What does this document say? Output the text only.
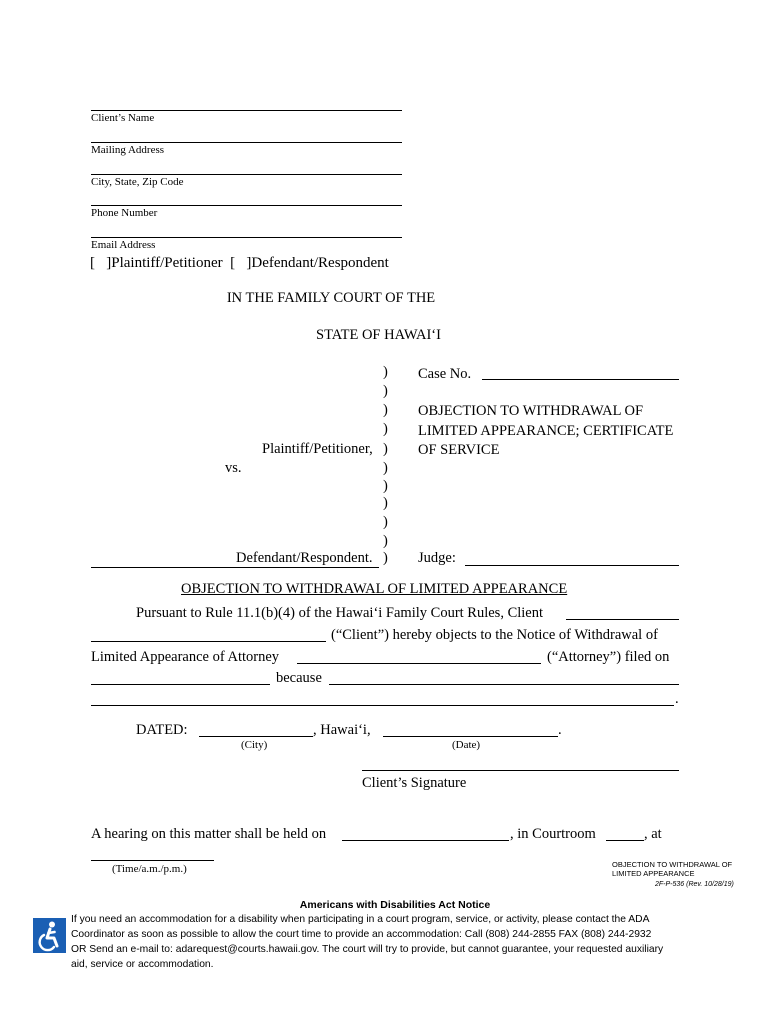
Client’s Name
Mailing Address
City, State, Zip Code
Phone Number
Email Address
[ ]Plaintiff/Petitioner [ ]Defendant/Respondent
IN THE FAMILY COURT OF THE
STATE OF HAWAI‘I
)
)
)
)
)
)
)
)
)
)
)
Plaintiff/Petitioner,
vs.
Defendant/Respondent.
Case No.
OBJECTION TO WITHDRAWAL OF
LIMITED APPEARANCE; CERTIFICATE
OF SERVICE
Judge:
OBJECTION TO WITHDRAWAL OF LIMITED APPEARANCE
Pursuant to Rule 11.1(b)(4) of the Hawai‘i Family Court Rules, Client
(“Client”) hereby objects to the Notice of Withdrawal of
Limited Appearance of Attorney	(“Attorney”) filed on
because
.
DATED:	, Hawai‘i,	.
(City)	(Date)
Client’s Signature
A hearing on this matter shall be held on	, in Courtroom	, at
(Time/a.m./p.m.)	OBJECTION TO WITHDRAWAL OF
LIMITED APPEARANCE
2F-P-536 (Rev. 10/28/19)
Americans with Disabilities Act Notice
If you need an accommodation for a disability when participating in a court program, service, or activity, please contact the ADA
Coordinator as soon as possible to allow the court time to provide an accommodation: Call (808) 244-2855 FAX (808) 244-2932
OR Send an e-mail to: adarequest@courts.hawaii.gov. The court will try to provide, but cannot guarantee, your requested auxiliary
aid, service or accommodation.
